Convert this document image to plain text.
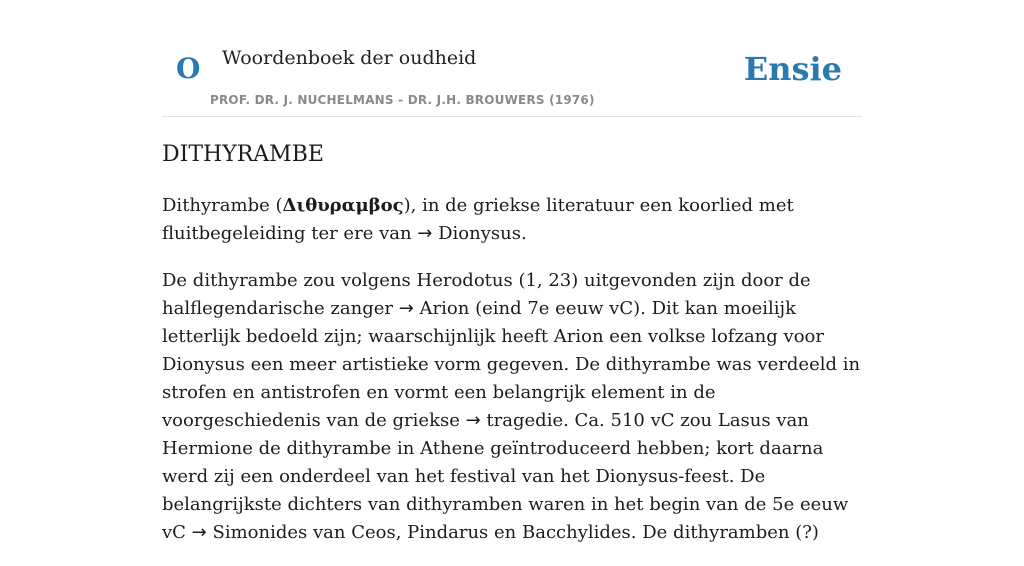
O Woordenboek der oudheid
PROF. DR. J. NUCHELMANS - DR. J.H. BROUWERS (1976)
Ensie
DITHYRAMBE

Dithyrambe (Διθυραμβος), in de griekse literatuur een koorlied met fluitbegeleiding ter ere van → Dionysus.

De dithyrambe zou volgens Herodotus (1, 23) uitgevonden zijn door de halflegendarische zanger → Arion (eind 7e eeuw vC). Dit kan moeilijk letterlijk bedoeld zijn; waarschijnlijk heeft Arion een volkse lofzang voor Dionysus een meer artistieke vorm gegeven. De dithyrambe was verdeeld in strofen en antistrofen en vormt een belangrijk element in de voorgeschiedenis van de griekse → tragedie. Ca. 510 vC zou Lasus van Hermione de dithyrambe in Athene geïntroduceerd hebben; kort daarna werd zij een onderdeel van het festival van het Dionysus-feest. De belangrijkste dichters van dithyramben waren in het begin van de 5e eeuw vC → Simonides van Ceos, Pindarus en Bacchylides. De dithyramben (?)
